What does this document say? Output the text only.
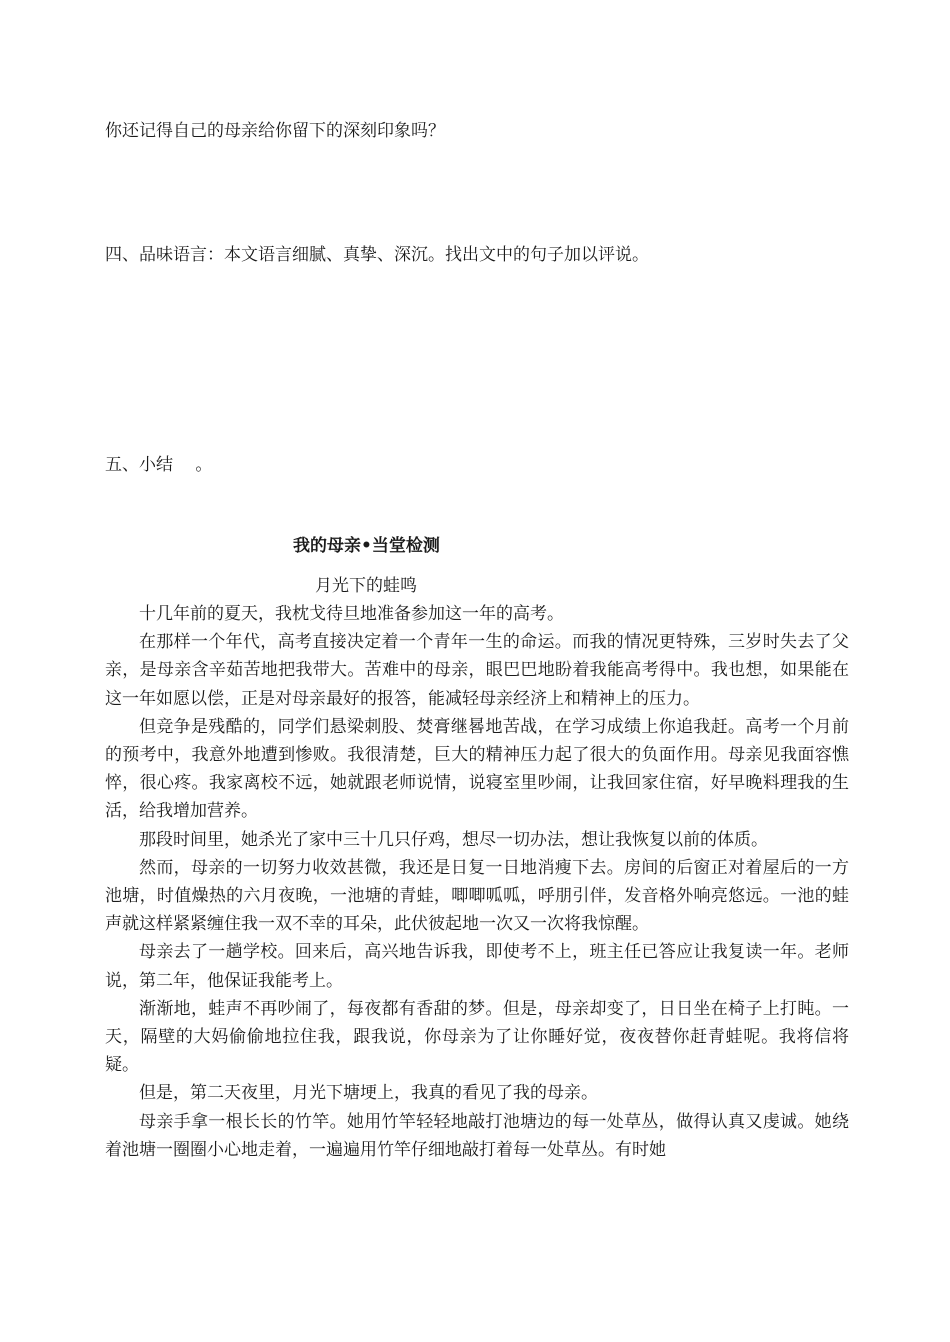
你还记得自己的母亲给你留下的深刻印象吗？
四、品味语言：本文语言细腻、真挚、深沉。找出文中的句子加以评说。
五、小结　 。
我的母亲•当堂检测
月光下的蛙鸣

十几年前的夏天，我枕戈待旦地准备参加这一年的高考。

在那样一个年代，高考直接决定着一个青年一生的命运。而我的情况更特殊，三岁时失去了父亲，是母亲含辛茹苦地把我带大。苦难中的母亲，眼巴巴地盼着我能高考得中。我也想，如果能在这一年如愿以偿，正是对母亲最好的报答，能减轻母亲经济上和精神上的压力。

但竞争是残酷的，同学们悬梁刺股、焚膏继晷地苦战，在学习成绩上你追我赶。高考一个月前的预考中，我意外地遭到惨败。我很清楚，巨大的精神压力起了很大的负面作用。母亲见我面容憔悴，很心疼。我家离校不远，她就跟老师说情，说寝室里吵闹，让我回家住宿，好早晚料理我的生活，给我增加营养。

那段时间里，她杀光了家中三十几只仔鸡，想尽一切办法，想让我恢复以前的体质。

然而，母亲的一切努力收效甚微，我还是日复一日地消瘦下去。房间的后窗正对着屋后的一方池塘，时值燥热的六月夜晚，一池塘的青蛙，唧唧呱呱，呼朋引伴，发音格外响亮悠远。一池的蛙声就这样紧紧缠住我一双不幸的耳朵，此伏彼起地一次又一次将我惊醒。

母亲去了一趟学校。回来后，高兴地告诉我，即使考不上，班主任已答应让我复读一年。老师说，第二年，他保证我能考上。

渐渐地，蛙声不再吵闹了，每夜都有香甜的梦。但是，母亲却变了，日日坐在椅子上打盹。一天，隔壁的大妈偷偷地拉住我，跟我说，你母亲为了让你睡好觉，夜夜替你赶青蛙呢。我将信将疑。

但是，第二天夜里，月光下塘埂上，我真的看见了我的母亲。

母亲手拿一根长长的竹竿。她用竹竿轻轻地敲打池塘边的每一处草丛，做得认真又虔诚。她绕着池塘一圈圈小心地走着，一遍遍用竹竿仔细地敲打着每一处草丛。有时她
